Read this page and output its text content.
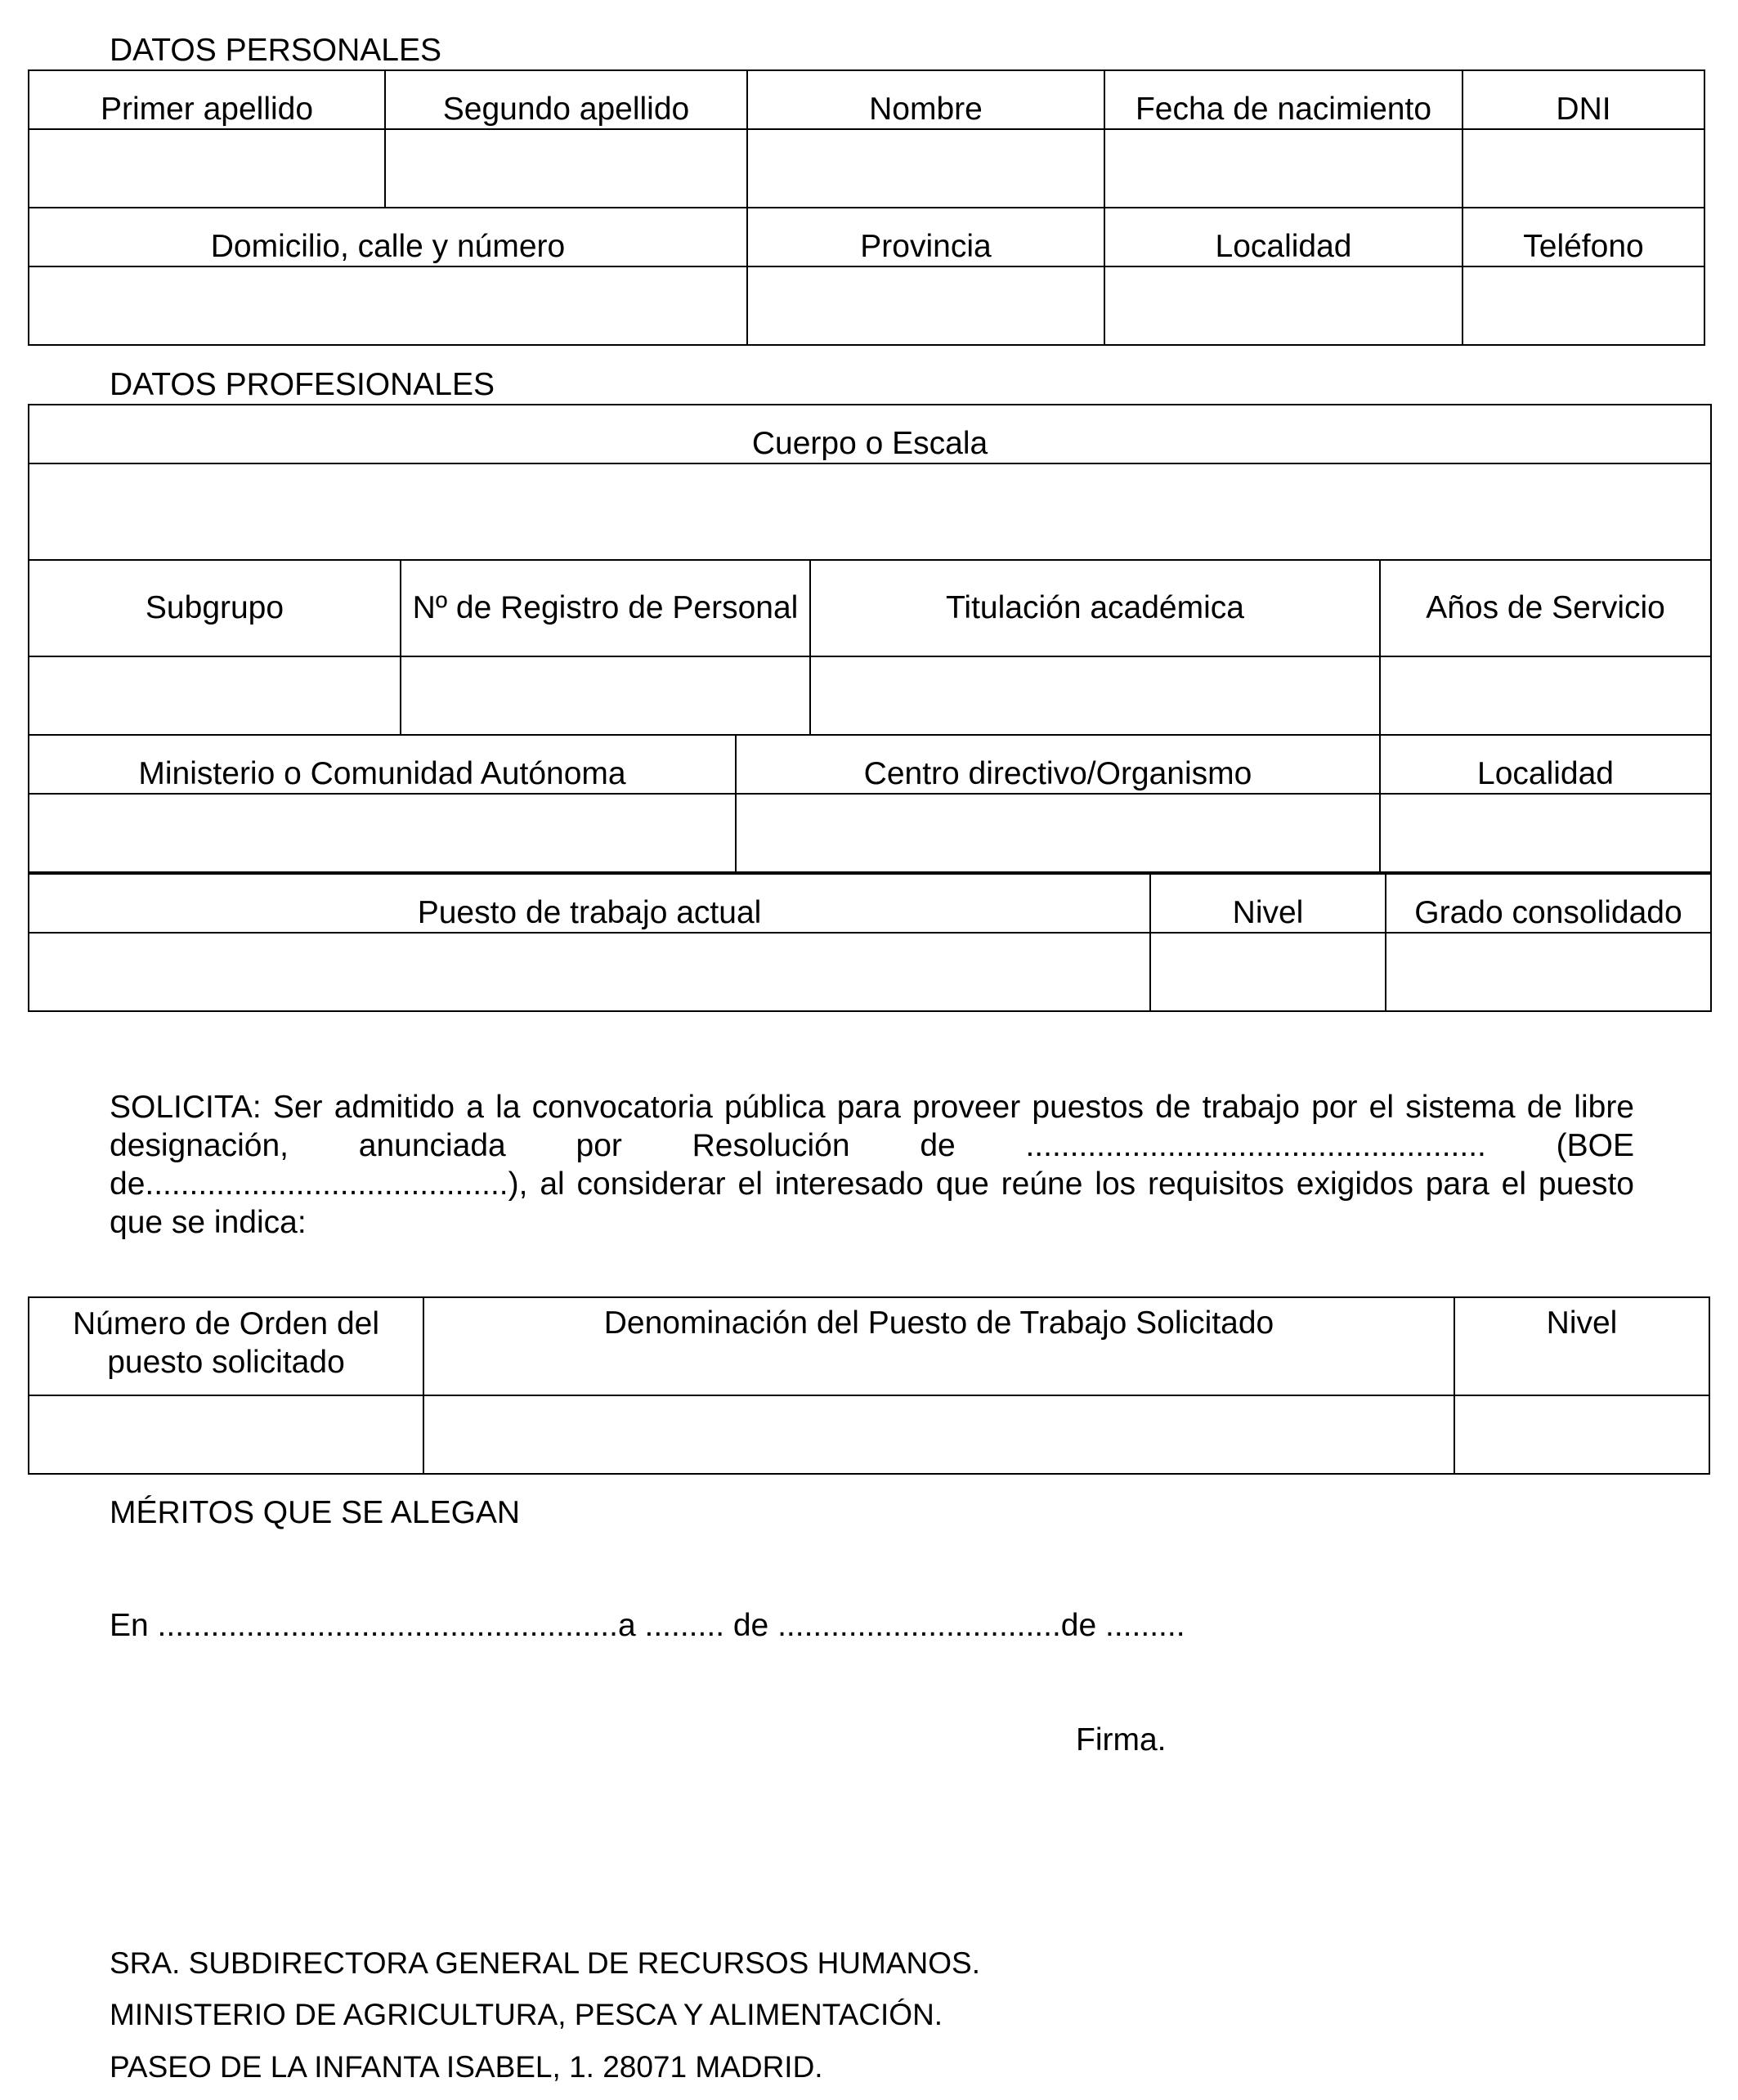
DATOS PERSONALES
Primer apellido	Segundo apellido	Nombre	Fecha de nacimiento	DNI

Domicilio, calle y número		Provincia	Localidad	Teléfono

DATOS PROFESIONALES
Cuerpo o Escala				

Subgrupo	Nº de Registro de Personal		Titulación académica	Años de Servicio

Ministerio o Comunidad Autónoma		Centro directivo/Organismo		Localidad

Puesto de trabajo actual	Nivel	Grado consolidado

SOLICITA: Ser admitido a la convocatoria pública para proveer puestos de trabajo por el sistema de libre designación, anunciada por Resolución de .................................................... (BOE de.........................................), al considerar el interesado que reúne los requisitos exigidos para el puesto que se indica:
Número de Orden del puesto solicitado	Denominación del Puesto de Trabajo Solicitado	Nivel

MÉRITOS QUE SE ALEGAN
En ....................................................a ......... de ................................de .........
Firma.
SRA. SUBDIRECTORA GENERAL DE RECURSOS HUMANOS.
MINISTERIO DE AGRICULTURA, PESCA Y ALIMENTACIÓN.
PASEO DE LA INFANTA ISABEL, 1. 28071 MADRID.
